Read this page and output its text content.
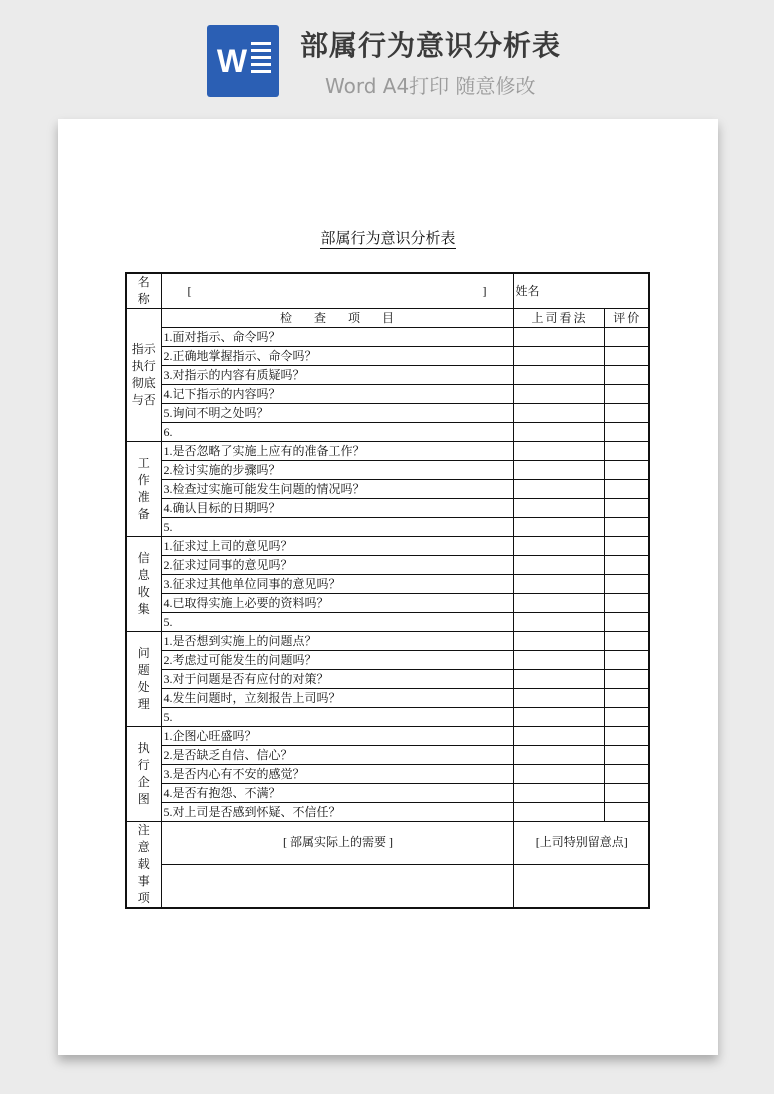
W 部属行为意识分析表
Word A4打印 随意修改
部属行为意识分析表
名称	[ ]	姓名	

指示执行彻底与否	检查项目	上司看法	评价
	1.面对指示、命令吗？		
	2.正确地掌握指示、命令吗？		
	3.对指示的内容有质疑吗？		
	4.记下指示的内容吗？		
	5.询问不明之处吗？		
	6.		

工作准备	1.是否忽略了实施上应有的准备工作？		
	2.检讨实施的步骤吗？		
	3.检查过实施可能发生问题的情况吗？		
	4.确认目标的日期吗？		
	5.		

信息收集	1.征求过上司的意见吗？		
	2.征求过同事的意见吗？		
	3.征求过其他单位同事的意见吗？		
	4.已取得实施上必要的资料吗？		
	5.		

问题处理	1.是否想到实施上的问题点？		
	2.考虑过可能发生的问题吗？		
	3.对于问题是否有应付的对策？		
	4.发生问题时，立刻报告上司吗？		
	5.		

执行企图	1.企图心旺盛吗？		
	2.是否缺乏自信、信心？		
	3.是否内心有不安的感觉？		
	4.是否有抱怨、不满？		
	5.对上司是否感到怀疑、不信任？		

注意载事项	[ 部属实际上的需要 ]	[上司特别留意点]	
